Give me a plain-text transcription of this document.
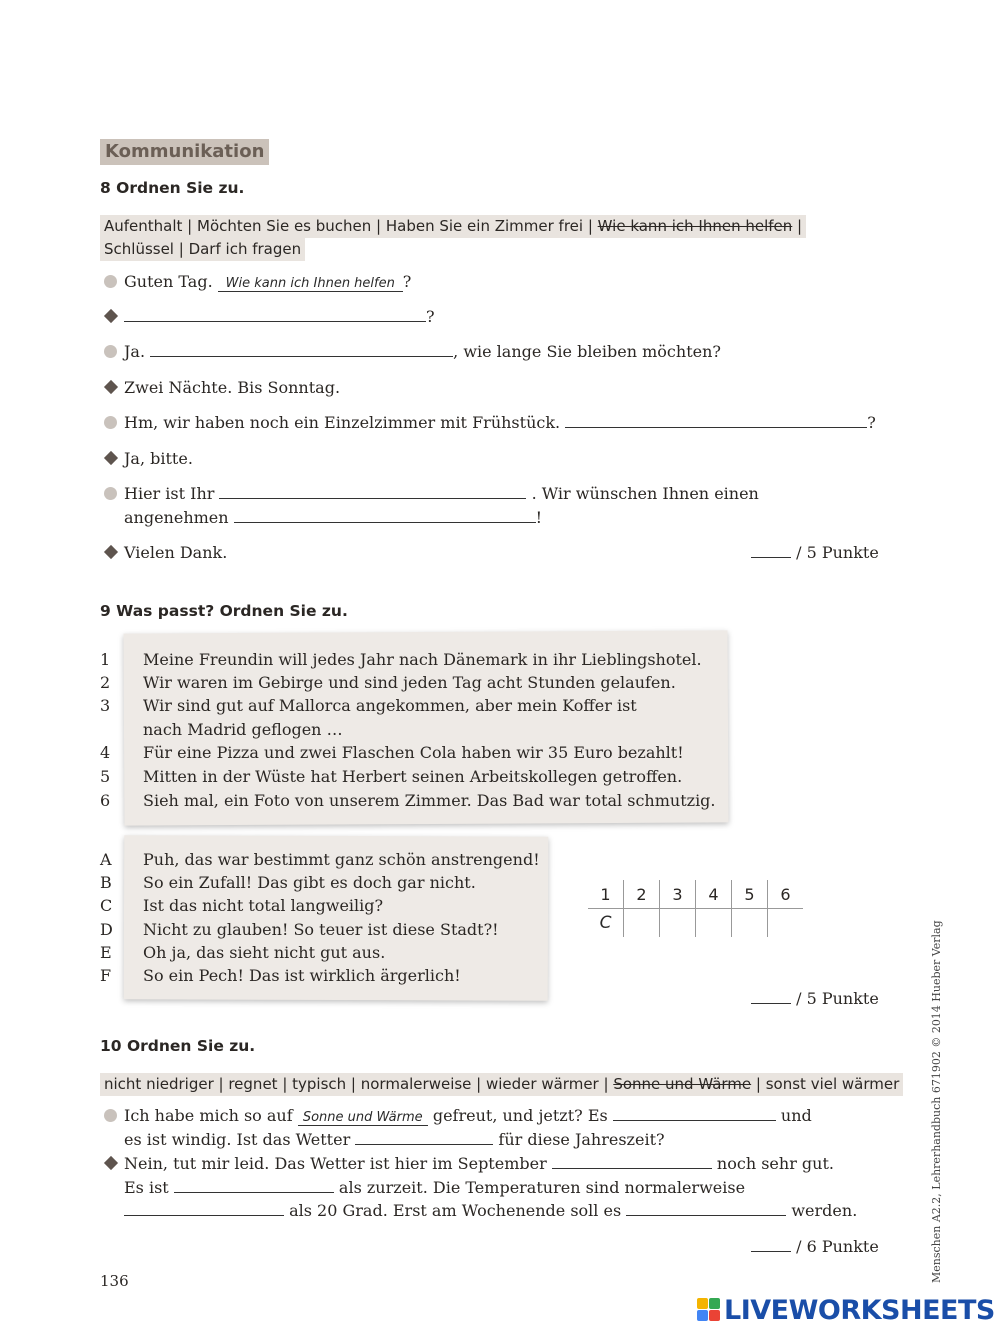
Kommunikation
8 Ordnen Sie zu.
Aufenthalt | Möchten Sie es buchen | Haben Sie ein Zimmer frei | Wie kann ich Ihnen helfen |
Schlüssel | Darf ich fragen
Guten Tag. Wie kann ich Ihnen helfen ?
?
Ja.	, wie lange Sie bleiben möchten?
Zwei Nächte. Bis Sonntag.
Hm, wir haben noch ein Einzelzimmer mit Frühstück.	?
Ja, bitte.
Hier ist Ihr	. Wir wünschen Ihnen einen
angenehmen	!
Vielen Dank.	/ 5 Punkte
9 Was passt? Ordnen Sie zu.
1
2
3
4
5
6
Meine Freundin will jedes Jahr nach Dänemark in ihr Lieblingshotel.
Wir waren im Gebirge und sind jeden Tag acht Stunden gelaufen.
Wir sind gut auf Mallorca angekommen, aber mein Koffer ist
nach Madrid geflogen …
Für eine Pizza und zwei Flaschen Cola haben wir 35 Euro bezahlt!
Mitten in der Wüste hat Herbert seinen Arbeitskollegen getroffen.
Sieh mal, ein Foto von unserem Zimmer. Das Bad war total schmutzig.
A
B
C
D
E
F
Puh, das war bestimmt ganz schön anstrengend!
So ein Zufall! Das gibt es doch gar nicht.
Ist das nicht total langweilig?
Nicht zu glauben! So teuer ist diese Stadt?!
Oh ja, das sieht nicht gut aus.
So ein Pech! Das ist wirklich ärgerlich!
1	2	3	4	5	6
C					
/ 5 Punkte
10 Ordnen Sie zu.
nicht niedriger | regnet | typisch | normalerweise | wieder wärmer | Sonne und Wärme | sonst viel wärmer
Ich habe mich so auf Sonne und Wärme gefreut, und jetzt? Es	und
es ist windig. Ist das Wetter	für diese Jahreszeit?
Nein, tut mir leid. Das Wetter ist hier im September	noch sehr gut.
Es ist	als zurzeit. Die Temperaturen sind normalerweise
als 20 Grad. Erst am Wochenende soll es	werden.
/ 6 Punkte
136	Menschen A2.2, Lehrerhandbuch 671902 © 2014 Hueber Verlag
LIVEWORKSHEETS
